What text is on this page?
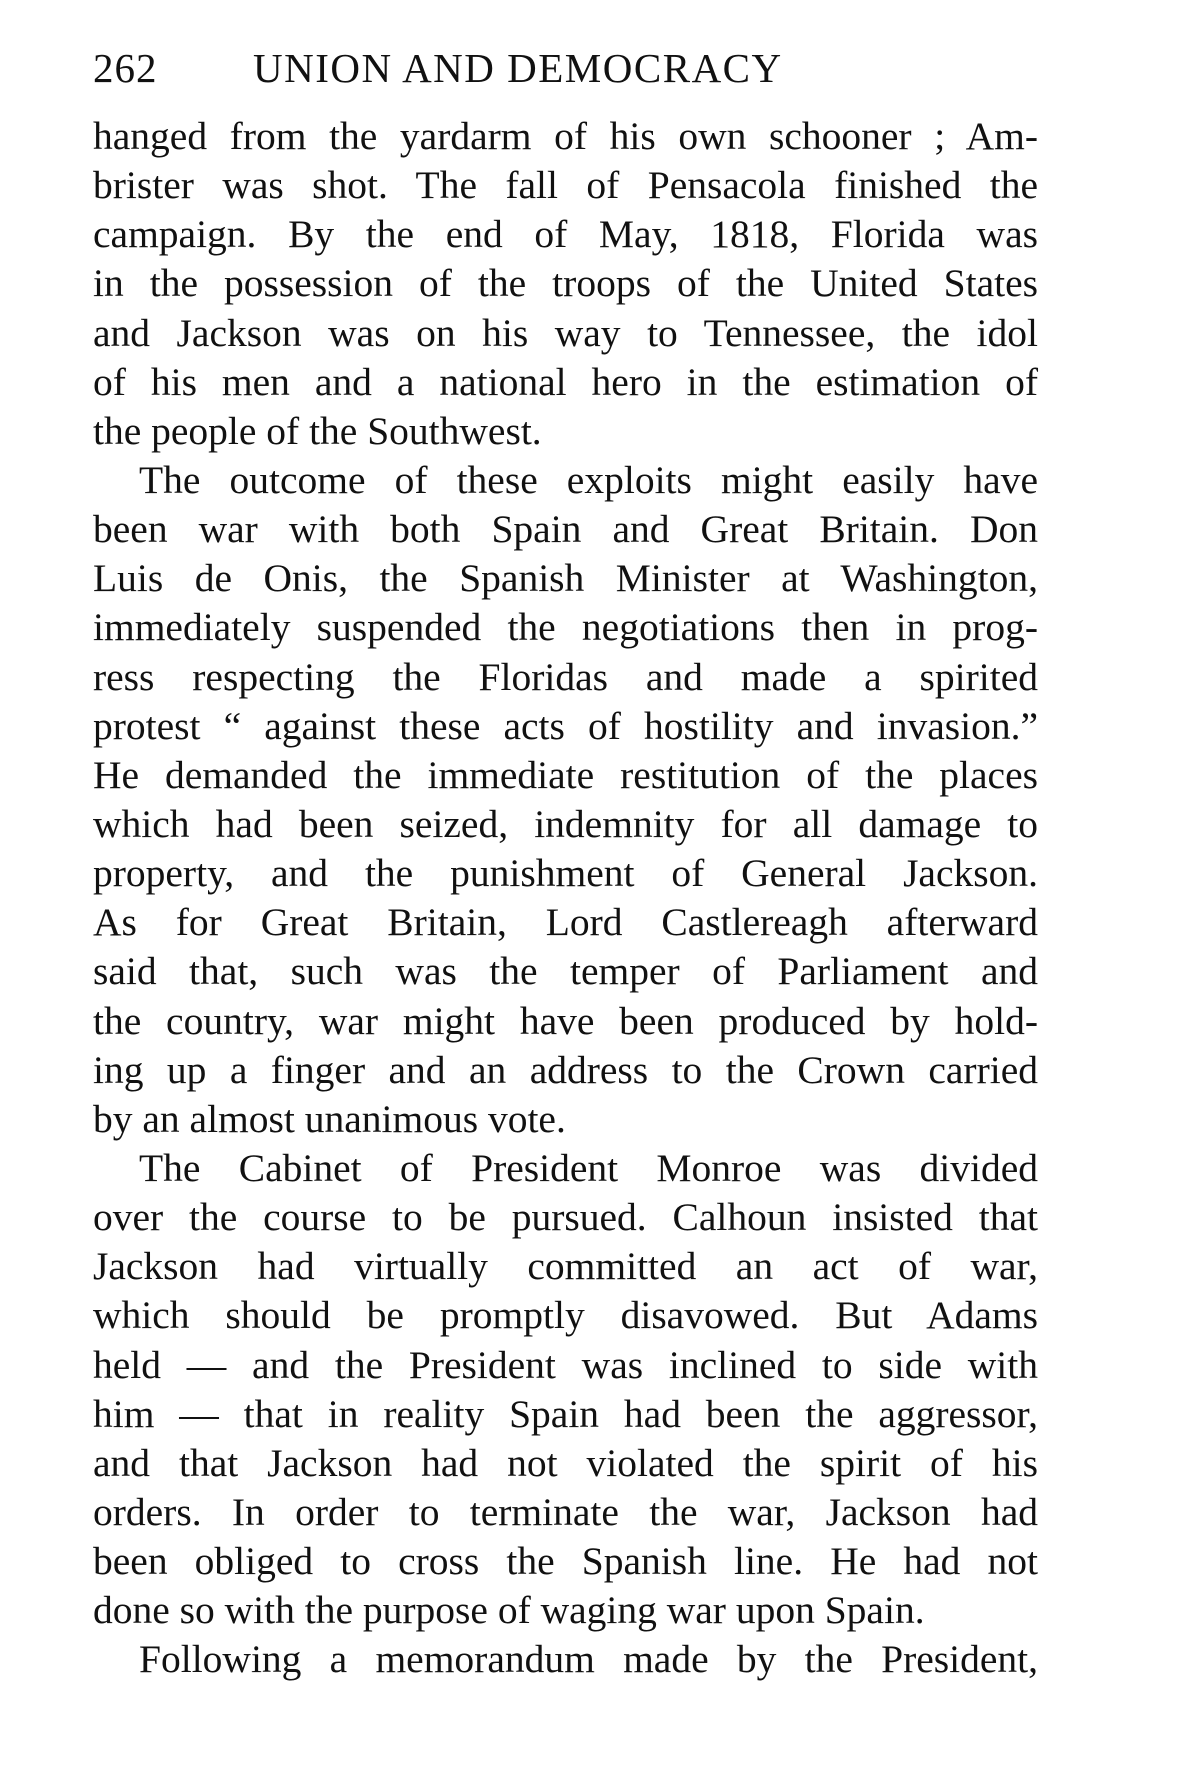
262	UNION AND DEMOCRACY
hanged from the yardarm of his own schooner ; Am-
brister was shot. The fall of Pensacola finished the
campaign. By the end of May, 1818, Florida was
in the possession of the troops of the United States
and Jackson was on his way to Tennessee, the idol
of his men and a national hero in the estimation of
the people of the Southwest.
The outcome of these exploits might easily have
been war with both Spain and Great Britain. Don
Luis de Onis, the Spanish Minister at Washington,
immediately suspended the negotiations then in prog-
ress respecting the Floridas and made a spirited
protest “ against these acts of hostility and invasion.”
He demanded the immediate restitution of the places
which had been seized, indemnity for all damage to
property, and the punishment of General Jackson.
As for Great Britain, Lord Castlereagh afterward
said that, such was the temper of Parliament and
the country, war might have been produced by hold-
ing up a finger and an address to the Crown carried
by an almost unanimous vote.
The Cabinet of President Monroe was divided
over the course to be pursued. Calhoun insisted that
Jackson had virtually committed an act of war,
which should be promptly disavowed. But Adams
held — and the President was inclined to side with
him — that in reality Spain had been the aggressor,
and that Jackson had not violated the spirit of his
orders. In order to terminate the war, Jackson had
been obliged to cross the Spanish line. He had not
done so with the purpose of waging war upon Spain.
Following a memorandum made by the President,
